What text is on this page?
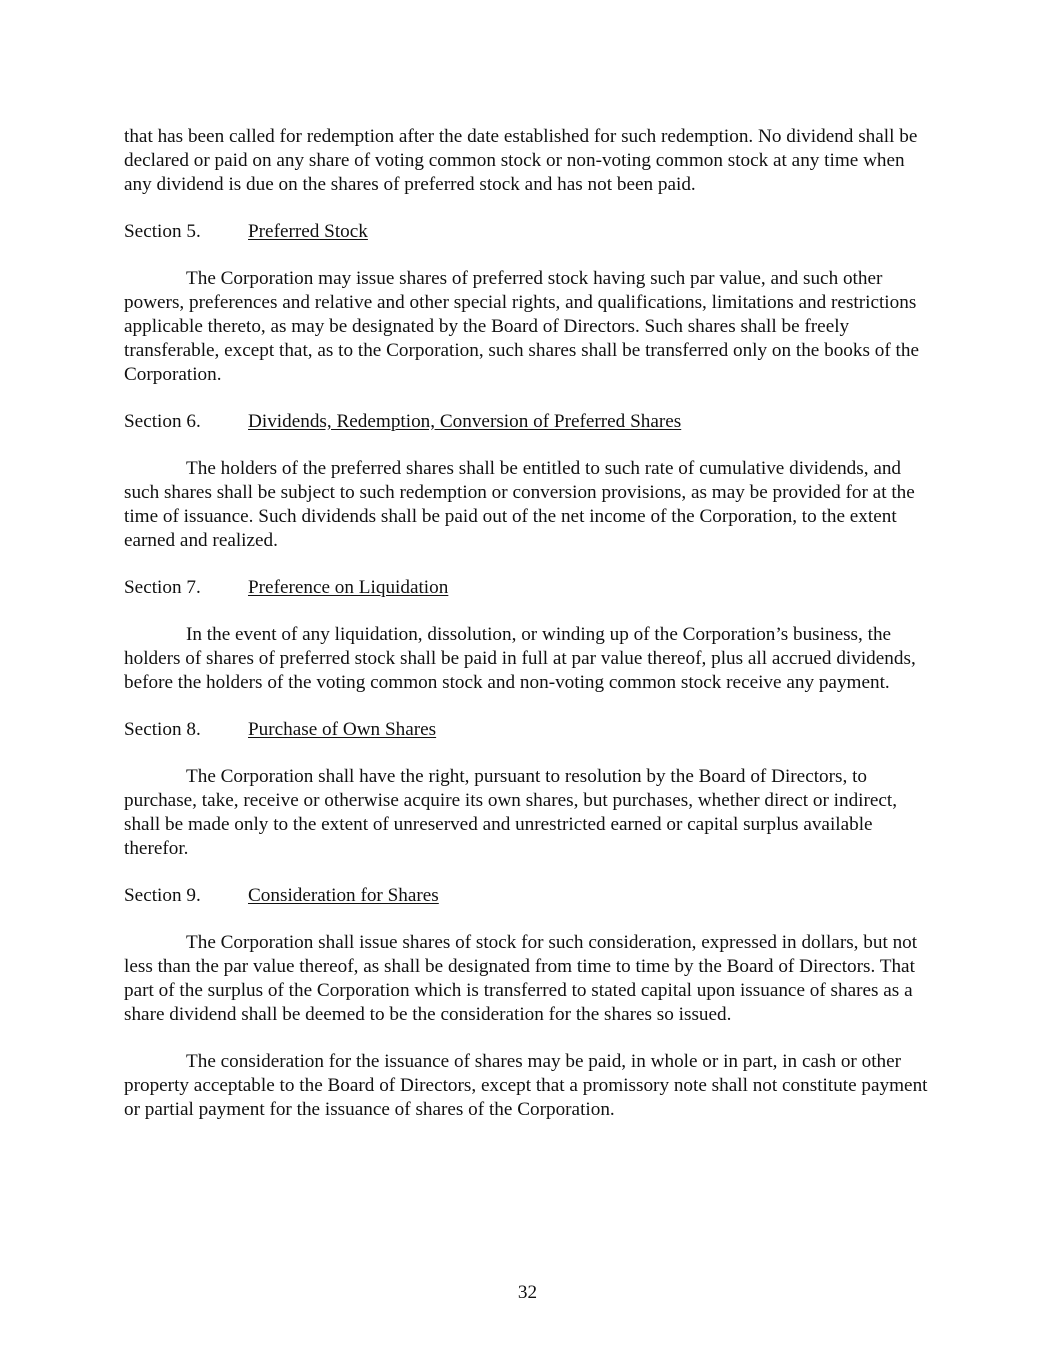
that has been called for redemption after the date established for such redemption. No dividend shall be declared or paid on any share of voting common stock or non-voting common stock at any time when any dividend is due on the shares of preferred stock and has not been paid.

Section 5. Preferred Stock

The Corporation may issue shares of preferred stock having such par value, and such other powers, preferences and relative and other special rights, and qualifications, limitations and restrictions applicable thereto, as may be designated by the Board of Directors. Such shares shall be freely transferable, except that, as to the Corporation, such shares shall be transferred only on the books of the Corporation.

Section 6. Dividends, Redemption, Conversion of Preferred Shares

The holders of the preferred shares shall be entitled to such rate of cumulative dividends, and such shares shall be subject to such redemption or conversion provisions, as may be provided for at the time of issuance. Such dividends shall be paid out of the net income of the Corporation, to the extent earned and realized.

Section 7. Preference on Liquidation

In the event of any liquidation, dissolution, or winding up of the Corporation’s business, the holders of shares of preferred stock shall be paid in full at par value thereof, plus all accrued dividends, before the holders of the voting common stock and non-voting common stock receive any payment.

Section 8. Purchase of Own Shares

The Corporation shall have the right, pursuant to resolution by the Board of Directors, to purchase, take, receive or otherwise acquire its own shares, but purchases, whether direct or indirect, shall be made only to the extent of unreserved and unrestricted earned or capital surplus available therefor.

Section 9. Consideration for Shares

The Corporation shall issue shares of stock for such consideration, expressed in dollars, but not less than the par value thereof, as shall be designated from time to time by the Board of Directors. That part of the surplus of the Corporation which is transferred to stated capital upon issuance of shares as a share dividend shall be deemed to be the consideration for the shares so issued.

The consideration for the issuance of shares may be paid, in whole or in part, in cash or other property acceptable to the Board of Directors, except that a promissory note shall not constitute payment or partial payment for the issuance of shares of the Corporation.

32
